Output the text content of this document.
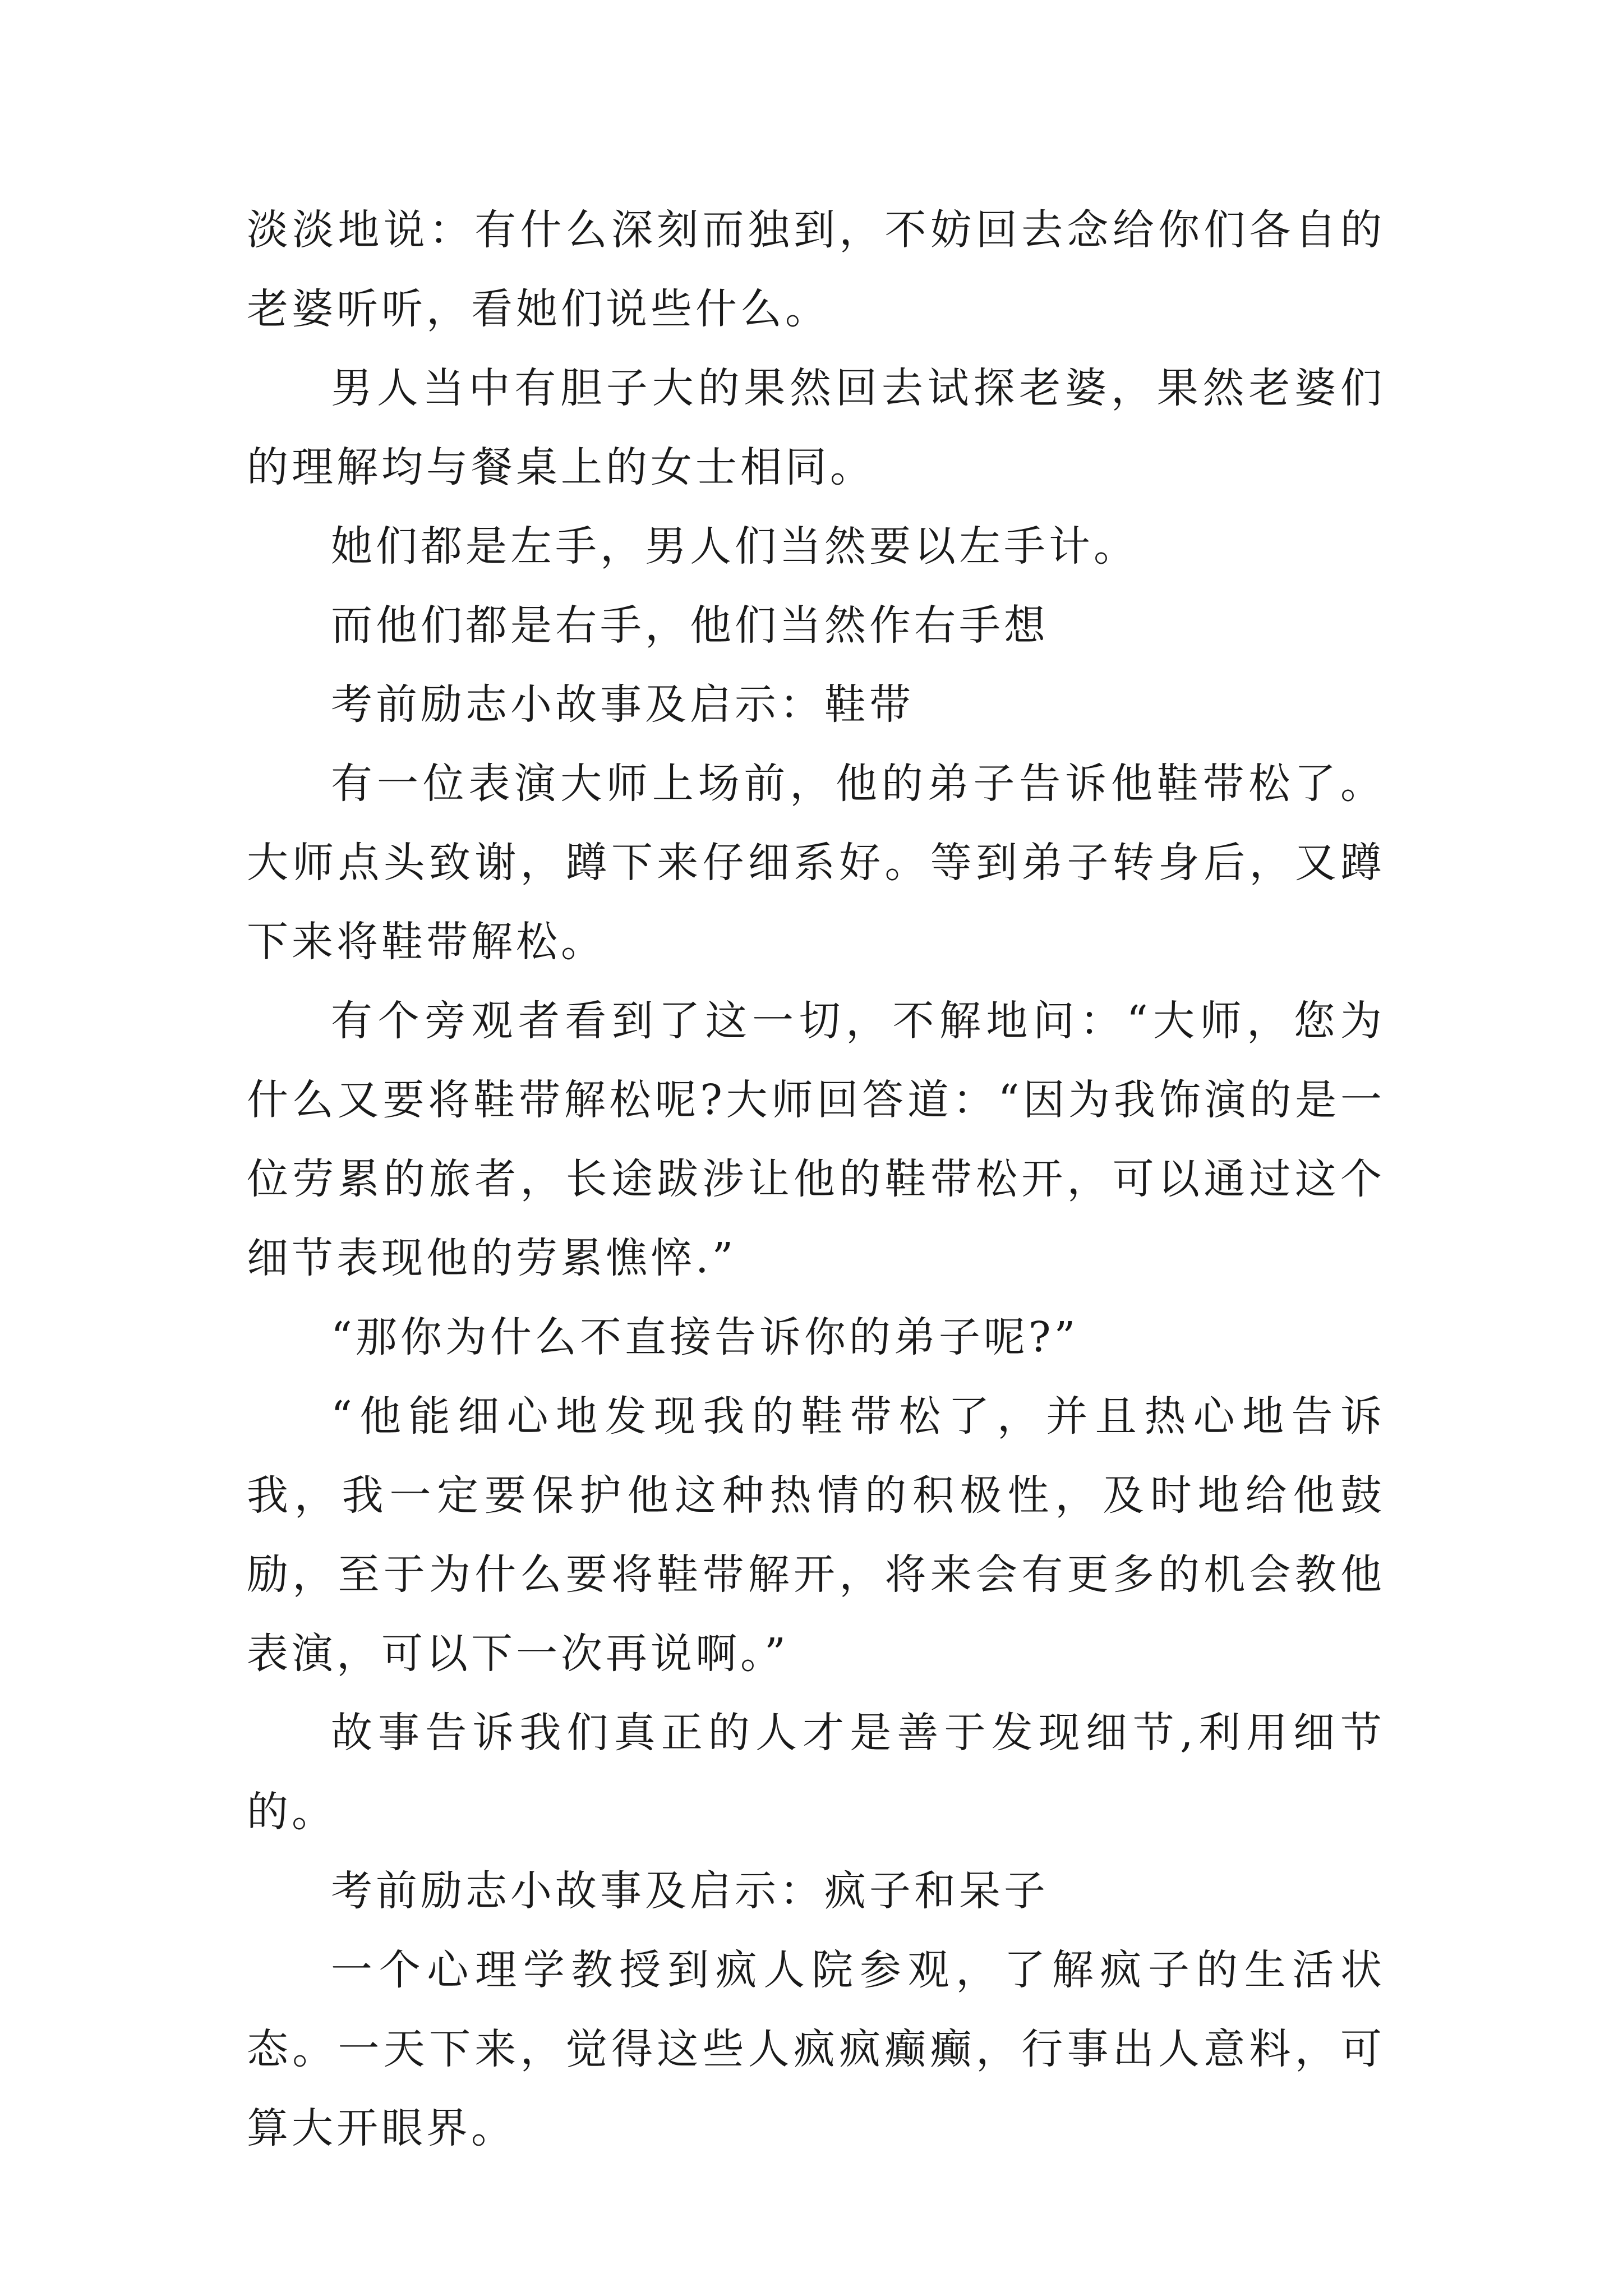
淡淡地说：有什么深刻而独到，不妨回去念给你们各自的老婆听听，看她们说些什么。

男人当中有胆子大的果然回去试探老婆，果然老婆们的理解均与餐桌上的女士相同。

她们都是左手，男人们当然要以左手计。

而他们都是右手，他们当然作右手想

考前励志小故事及启示：鞋带

有一位表演大师上场前，他的弟子告诉他鞋带松了。大师点头致谢，蹲下来仔细系好。等到弟子转身后，又蹲下来将鞋带解松。

有个旁观者看到了这一切，不解地问：“大师，您为什么又要将鞋带解松呢?大师回答道：“因为我饰演的是一位劳累的旅者，长途跋涉让他的鞋带松开，可以通过这个细节表现他的劳累憔悴.”

“那你为什么不直接告诉你的弟子呢?”

“他能细心地发现我的鞋带松了，并且热心地告诉我，我一定要保护他这种热情的积极性，及时地给他鼓励，至于为什么要将鞋带解开，将来会有更多的机会教他表演，可以下一次再说啊。”

故事告诉我们真正的人才是善于发现细节,利用细节的。

考前励志小故事及启示：疯子和呆子

一个心理学教授到疯人院参观，了解疯子的生活状态。一天下来，觉得这些人疯疯癫癫，行事出人意料，可算大开眼界。
